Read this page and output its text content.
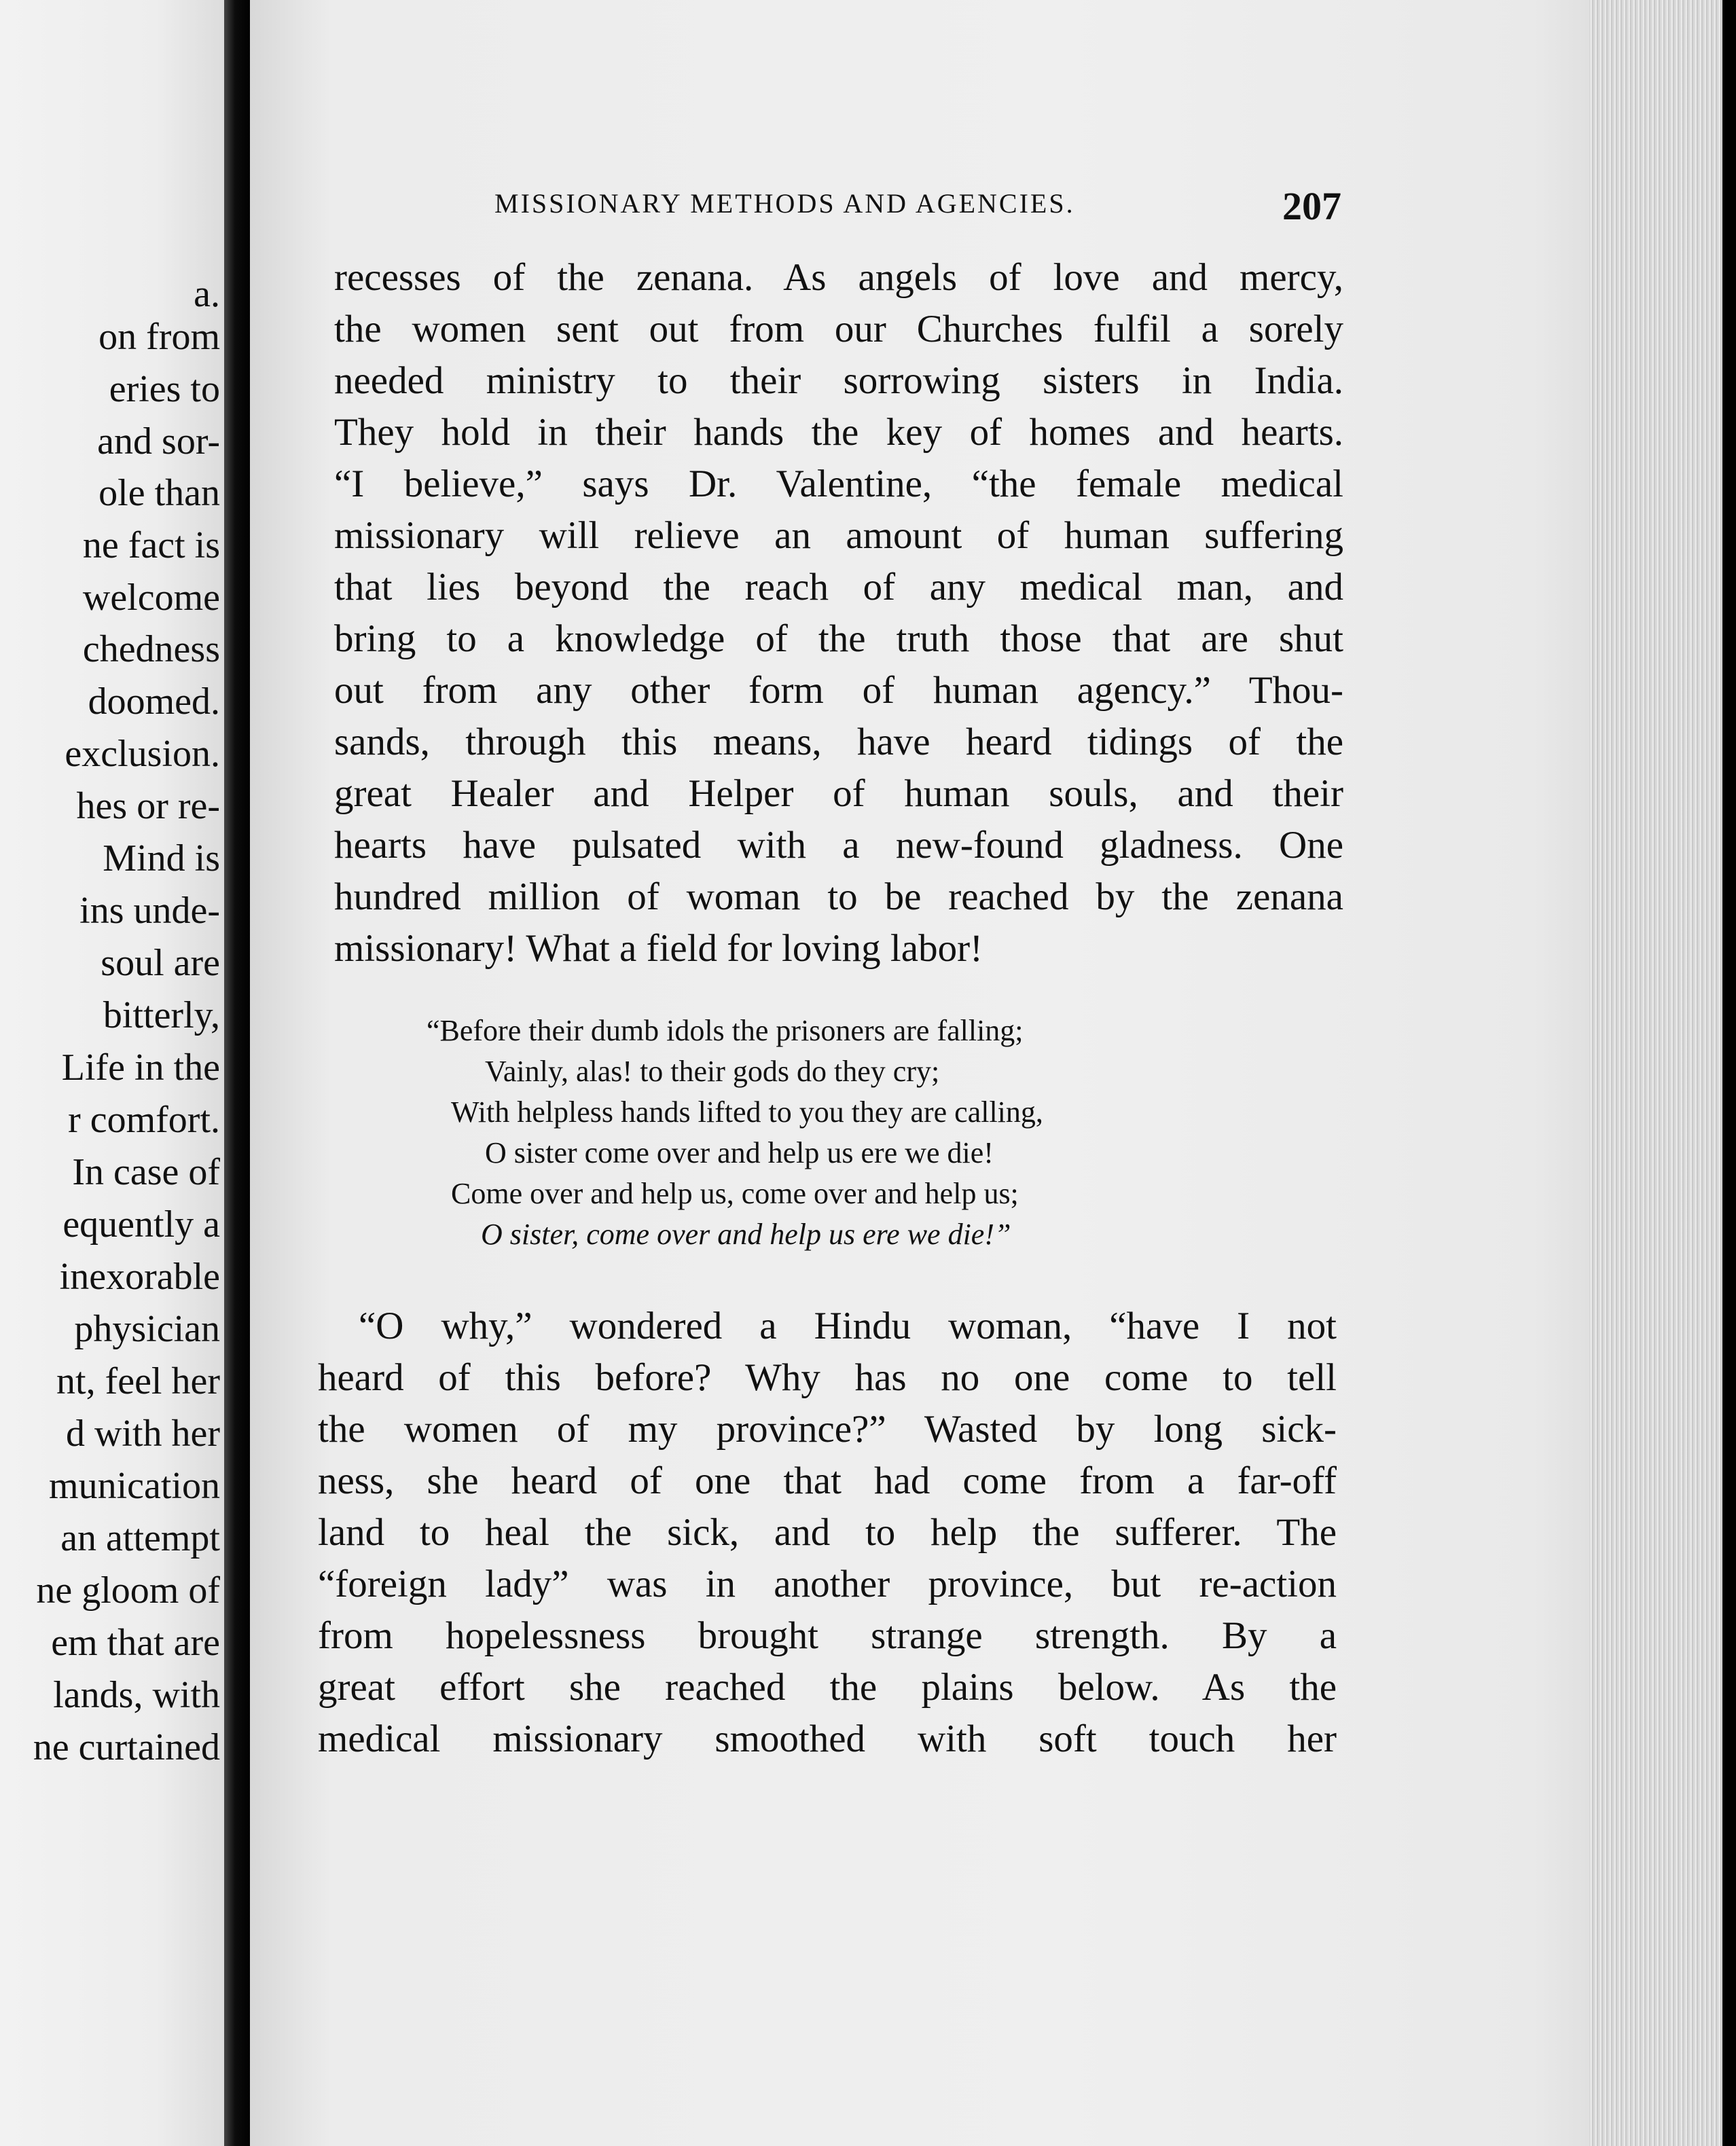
a.
on from
eries to
and sor-
ole than
ne fact is
welcome
chedness
doomed.
exclusion.
hes or re-
Mind is
ins unde-
soul are
bitterly,
Life in the
r comfort.
In case of
equently a
inexorable
physician
nt, feel her
d with her
munication
an attempt
ne gloom of
em that are
lands, with
ne curtained
MISSIONARY METHODS AND AGENCIES.	207
recesses of the zenana. As angels of love and mercy,
the women sent out from our Churches fulfil a sorely
needed ministry to their sorrowing sisters in India.
They hold in their hands the key of homes and hearts.
“I believe,” says Dr. Valentine, “the female medical
missionary will relieve an amount of human suffering
that lies beyond the reach of any medical man, and
bring to a knowledge of the truth those that are shut
out from any other form of human agency.” Thou-
sands, through this means, have heard tidings of the
great Healer and Helper of human souls, and their
hearts have pulsated with a new-found gladness. One
hundred million of woman to be reached by the zenana
missionary! What a field for loving labor!
“Before their dumb idols the prisoners are falling;
Vainly, alas! to their gods do they cry;
With helpless hands lifted to you they are calling,
O sister come over and help us ere we die!
Come over and help us, come over and help us;
O sister, come over and help us ere we die!”
“O why,” wondered a Hindu woman, “have I not
heard of this before? Why has no one come to tell
the women of my province?” Wasted by long sick-
ness, she heard of one that had come from a far-off
land to heal the sick, and to help the sufferer. The
“foreign lady” was in another province, but re-action
from hopelessness brought strange strength. By a
great effort she reached the plains below. As the
medical missionary smoothed with soft touch her
